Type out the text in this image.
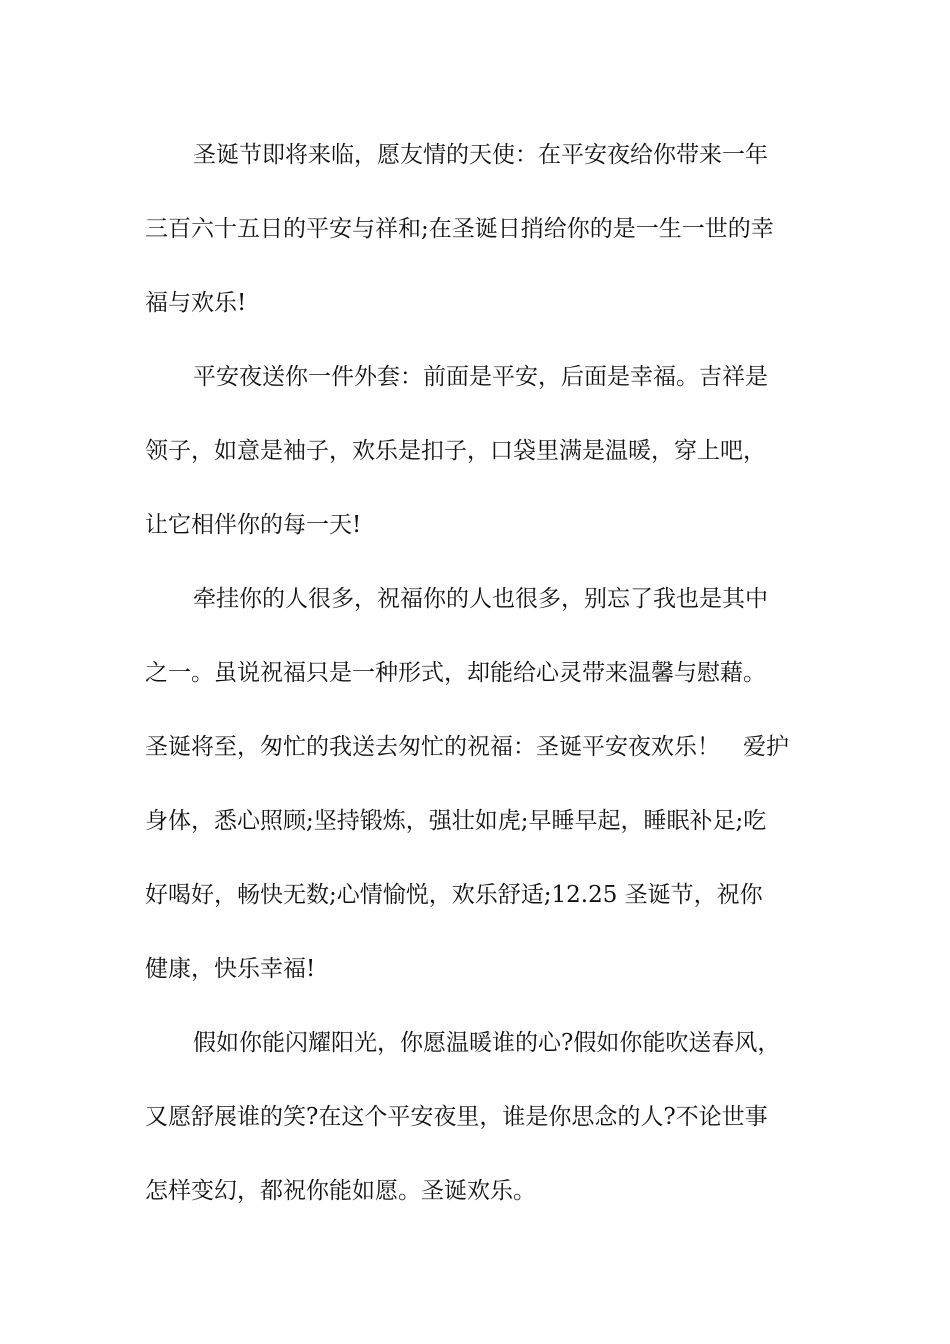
圣诞节即将来临，愿友情的天使：在平安夜给你带来一年
三百六十五日的平安与祥和;在圣诞日捎给你的是一生一世的幸
福与欢乐!
平安夜送你一件外套：前面是平安，后面是幸福。吉祥是
领子，如意是袖子，欢乐是扣子，口袋里满是温暖，穿上吧，
让它相伴你的每一天!
牵挂你的人很多，祝福你的人也很多，别忘了我也是其中
之一。虽说祝福只是一种形式，却能给心灵带来温馨与慰藉。
圣诞将至，匆忙的我送去匆忙的祝福：圣诞平安夜欢乐！　爱护
身体，悉心照顾;坚持锻炼，强壮如虎;早睡早起，睡眠补足;吃
好喝好，畅快无数;心情愉悦，欢乐舒适;12.25 圣诞节，祝你
健康，快乐幸福!
假如你能闪耀阳光，你愿温暖谁的心?假如你能吹送春风，
又愿舒展谁的笑?在这个平安夜里，谁是你思念的人?不论世事
怎样变幻，都祝你能如愿。圣诞欢乐。
